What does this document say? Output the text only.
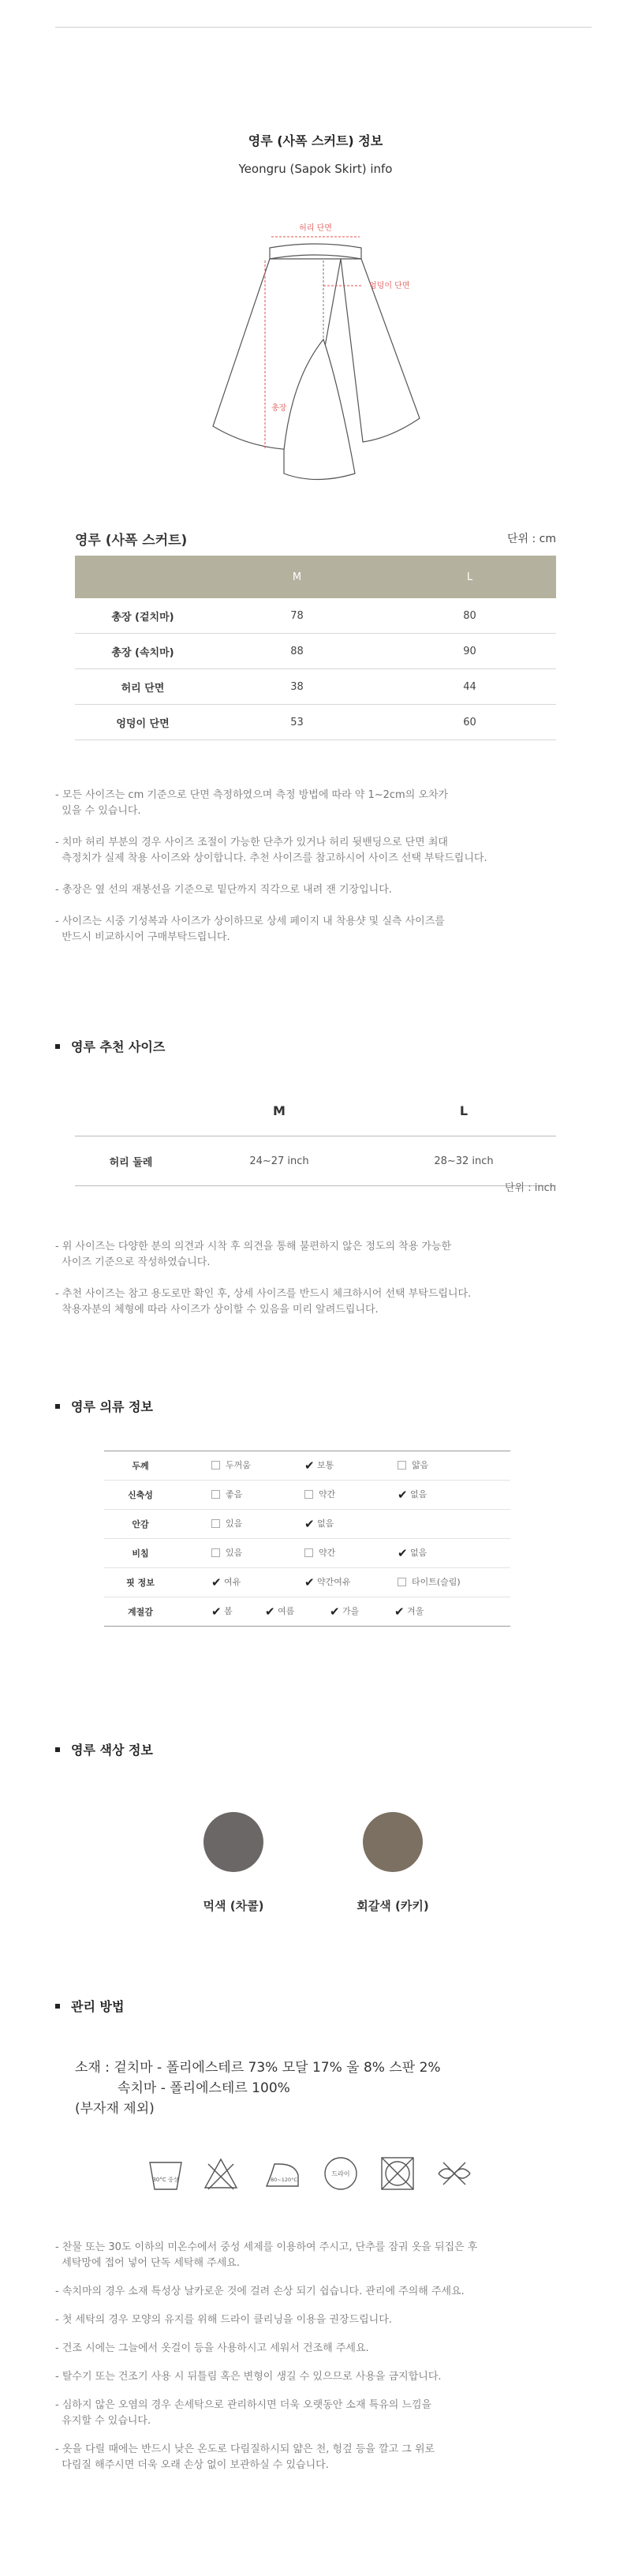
영루 (사폭 스커트) 정보
Yeongru (Sapok Skirt) info
허리 단면
엉덩이 단면
총장
영루 (사폭 스커트)	단위 : cm
	M	L
총장 (겉치마)	78	80
총장 (속치마)	88	90
허리 단면	38	44
엉덩이 단면	53	60
- 모든 사이즈는 cm 기준으로 단면 측정하였으며 측정 방법에 따라 약 1~2cm의 오차가
있을 수 있습니다.
- 치마 허리 부분의 경우 사이즈 조절이 가능한 단추가 있거나 허리 뒷밴딩으로 단면 최대
측정치가 실제 착용 사이즈와 상이합니다. 추천 사이즈를 참고하시어 사이즈 선택 부탁드립니다.
- 총장은 옆 선의 재봉선을 기준으로 밑단까지 직각으로 내려 잰 기장입니다.
- 사이즈는 시중 기성복과 사이즈가 상이하므로 상세 페이지 내 착용샷 및 실측 사이즈를
반드시 비교하시어 구매부탁드립니다.
영루 추천 사이즈
	M	L
허리 둘레	24~27 inch	28~32 inch
단위 : inch
- 위 사이즈는 다양한 분의 의견과 시착 후 의견을 통해 불편하지 않은 정도의 착용 가능한
사이즈 기준으로 작성하였습니다.
- 추천 사이즈는 참고 용도로만 확인 후, 상세 사이즈를 반드시 체크하시어 선택 부탁드립니다.
착용자분의 체형에 따라 사이즈가 상이할 수 있음을 미리 알려드립니다.
영루 의류 정보
두께	두꺼움 ✔ 보통 얇음
신축성	좋음 약간 ✔ 없음
안감	있음 ✔ 없음
비침	있음 약간 ✔ 없음
핏 정보	✔ 여유 ✔ 약간여유 타이트(슬림)
계절감	✔ 봄 ✔ 여름 ✔ 가을 ✔ 겨울
영루 색상 정보
먹색 (차콜)	회갈색 (카키)
관리 방법
소재 : 겉치마 - 폴리에스테르 73% 모달 17% 울 8% 스판 2%
속치마 - 폴리에스테르 100%
(부자재 제외)
30°C 중성	80~120°C
드라이
- 찬물 또는 30도 이하의 미온수에서 중성 세제를 이용하여 주시고, 단추를 잠궈 옷을 뒤집은 후
세탁망에 접어 넣어 단독 세탁해 주세요.
- 속치마의 경우 소재 특성상 날카로운 것에 걸려 손상 되기 쉽습니다. 관리에 주의해 주세요.
- 첫 세탁의 경우 모양의 유지를 위해 드라이 클리닝을 이용을 권장드립니다.
- 건조 시에는 그늘에서 옷걸이 등을 사용하시고 세워서 건조해 주세요.
- 탈수기 또는 건조기 사용 시 뒤틀림 혹은 변형이 생길 수 있으므로 사용을 금지합니다.
- 심하지 않은 오염의 경우 손세탁으로 관리하시면 더욱 오랫동안 소재 특유의 느낌을
유지할 수 있습니다.
- 옷을 다릴 때에는 반드시 낮은 온도로 다림질하시되 얇은 천, 헝겊 등을 깔고 그 위로
다림질 해주시면 더욱 오래 손상 없이 보관하실 수 있습니다.
